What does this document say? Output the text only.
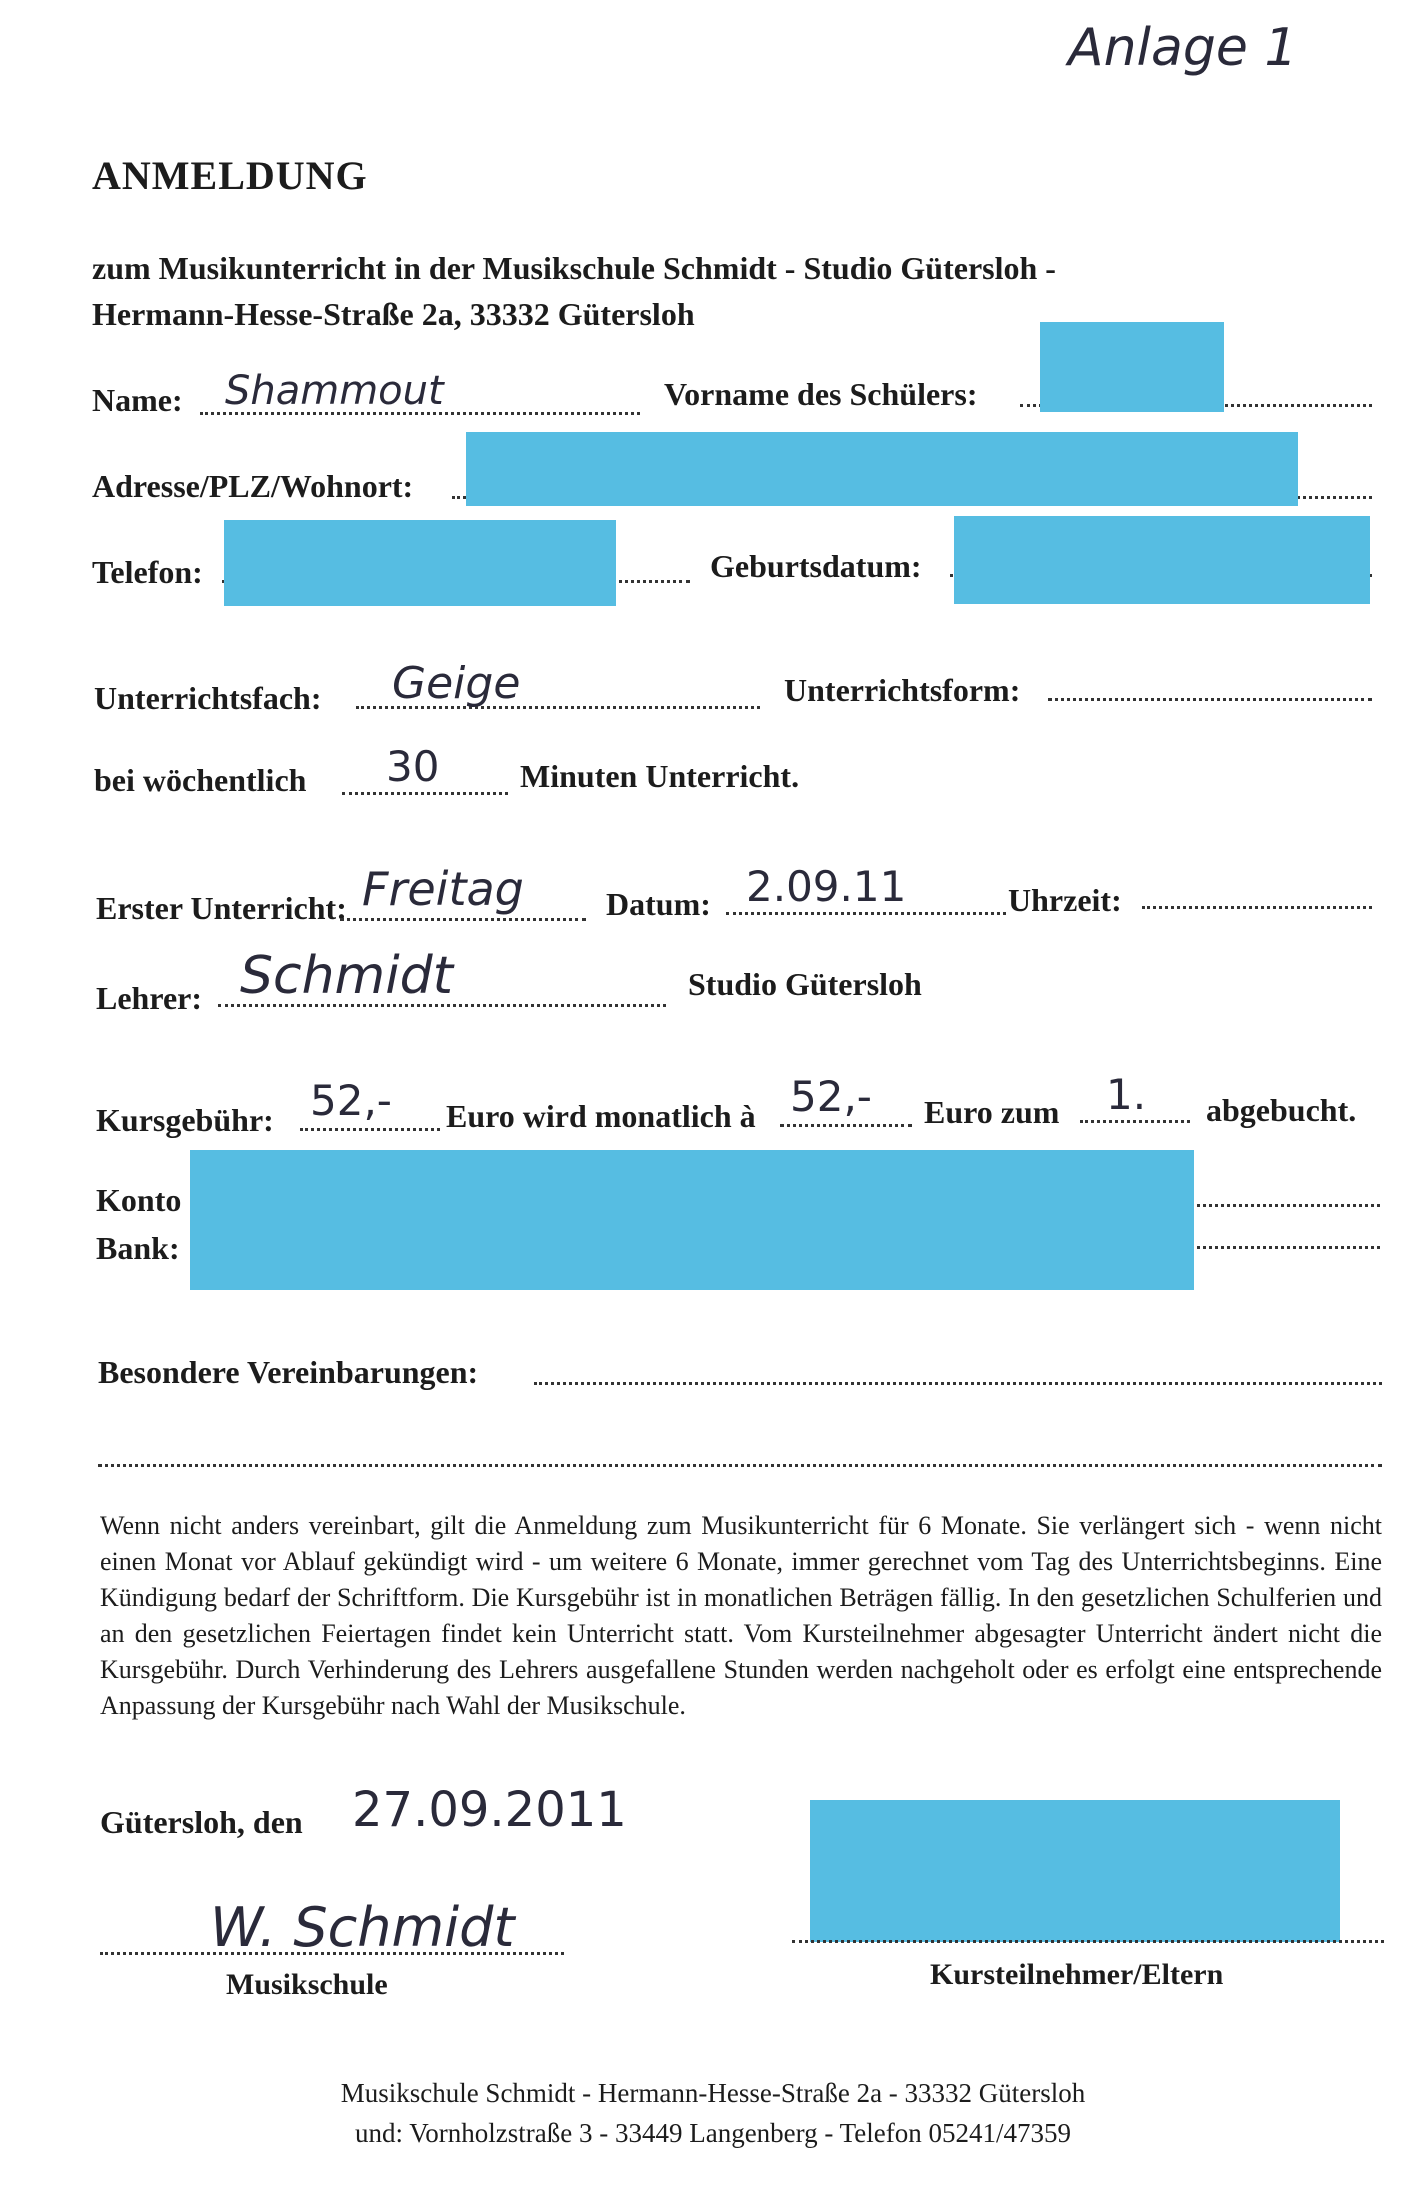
Anlage 1
ANMELDUNG
zum Musikunterricht in der Musikschule Schmidt - Studio Gütersloh -
Hermann-Hesse-Straße 2a, 33332 Gütersloh
Name: Shammout	Vorname des Schülers:
Adresse/PLZ/Wohnort:
Telefon:	Geburtsdatum:
Unterrichtsfach: Geige	Unterrichtsform:
bei wöchentlich 30	Minuten Unterricht.
Erster Unterricht: Freitag	Datum: 2.09.11	Uhrzeit:
Lehrer: Schmidt	Studio Gütersloh
Kursgebühr: 52,- Euro wird monatlich à 52,- Euro zum 1. abgebucht.
Konto
Bank:
Besondere Vereinbarungen:
Wenn nicht anders vereinbart, gilt die Anmeldung zum Musikunterricht für 6 Monate. Sie verlängert sich - wenn nicht einen Monat vor Ablauf gekündigt wird - um weitere 6 Monate, immer gerechnet vom Tag des Unterrichtsbeginns. Eine Kündigung bedarf der Schriftform. Die Kursgebühr ist in monatlichen Beträgen fällig. In den gesetzlichen Schulferien und an den gesetzlichen Feiertagen findet kein Unterricht statt. Vom Kursteilnehmer abgesagter Unterricht ändert nicht die Kursgebühr. Durch Verhinderung des Lehrers ausgefallene Stunden werden nachgeholt oder es erfolgt eine entsprechende Anpassung der Kursgebühr nach Wahl der Musikschule.
Gütersloh, den 27.09.2011
W. Schmidt
Musikschule	Kursteilnehmer/Eltern
Musikschule Schmidt - Hermann-Hesse-Straße 2a - 33332 Gütersloh
und: Vornholzstraße 3 - 33449 Langenberg - Telefon 05241/47359
